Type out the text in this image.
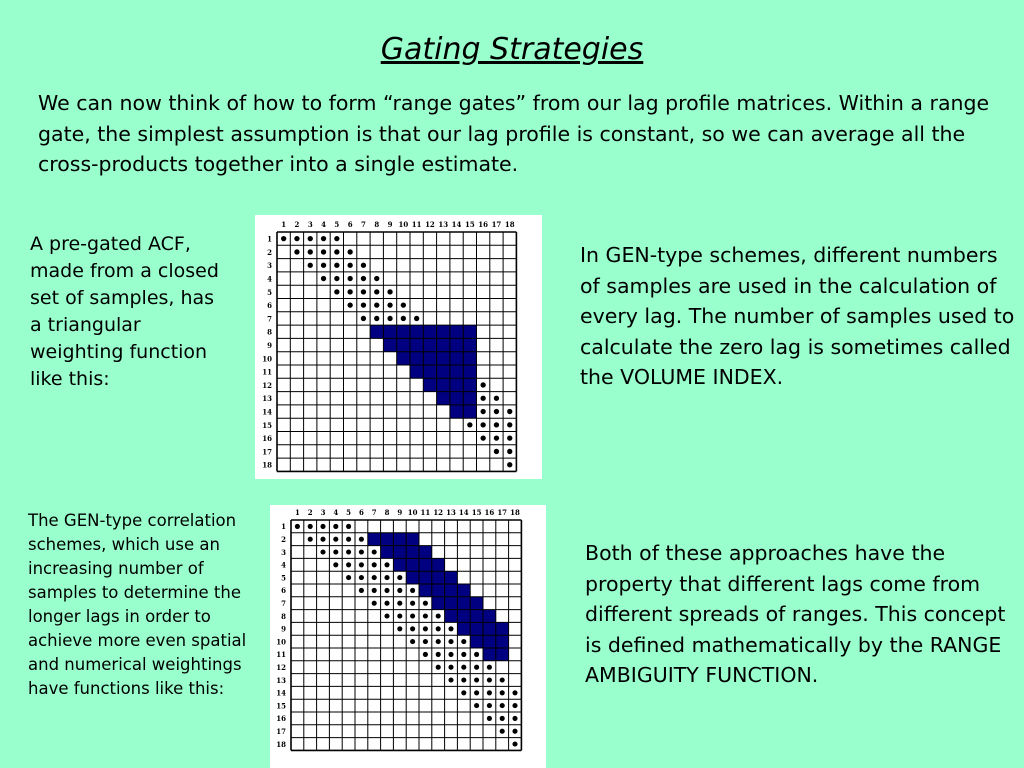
Gating Strategies
We can now think of how to form “range gates” from our lag profile matrices. Within a range gate, the simplest assumption is that our lag profile is constant, so we can average all the cross-products together into a single estimate.
A pre-gated ACF, made from a closed set of samples, has a triangular weighting function like this:
1
1
2
2
3
3
4
4
5
5
6
6
7
7
8
8
9
9
10
10
11
11
12
12
13
13
14
14
15
15
16
16
17
17
18
18
In GEN-type schemes, different numbers of samples are used in the calculation of every lag. The number of samples used to calculate the zero lag is sometimes called the VOLUME INDEX.
The GEN-type correlation schemes, which use an increasing number of samples to determine the longer lags in order to achieve more even spatial and numerical weightings have functions like this:
1
1
2
2
3
3
4
4
5
5
6
6
7
7
8
8
9
9
10
10
11
11
12
12
13
13
14
14
15
15
16
16
17
17
18
18
Both of these approaches have the property that different lags come from different spreads of ranges. This concept is defined mathematically by the RANGE AMBIGUITY FUNCTION.
